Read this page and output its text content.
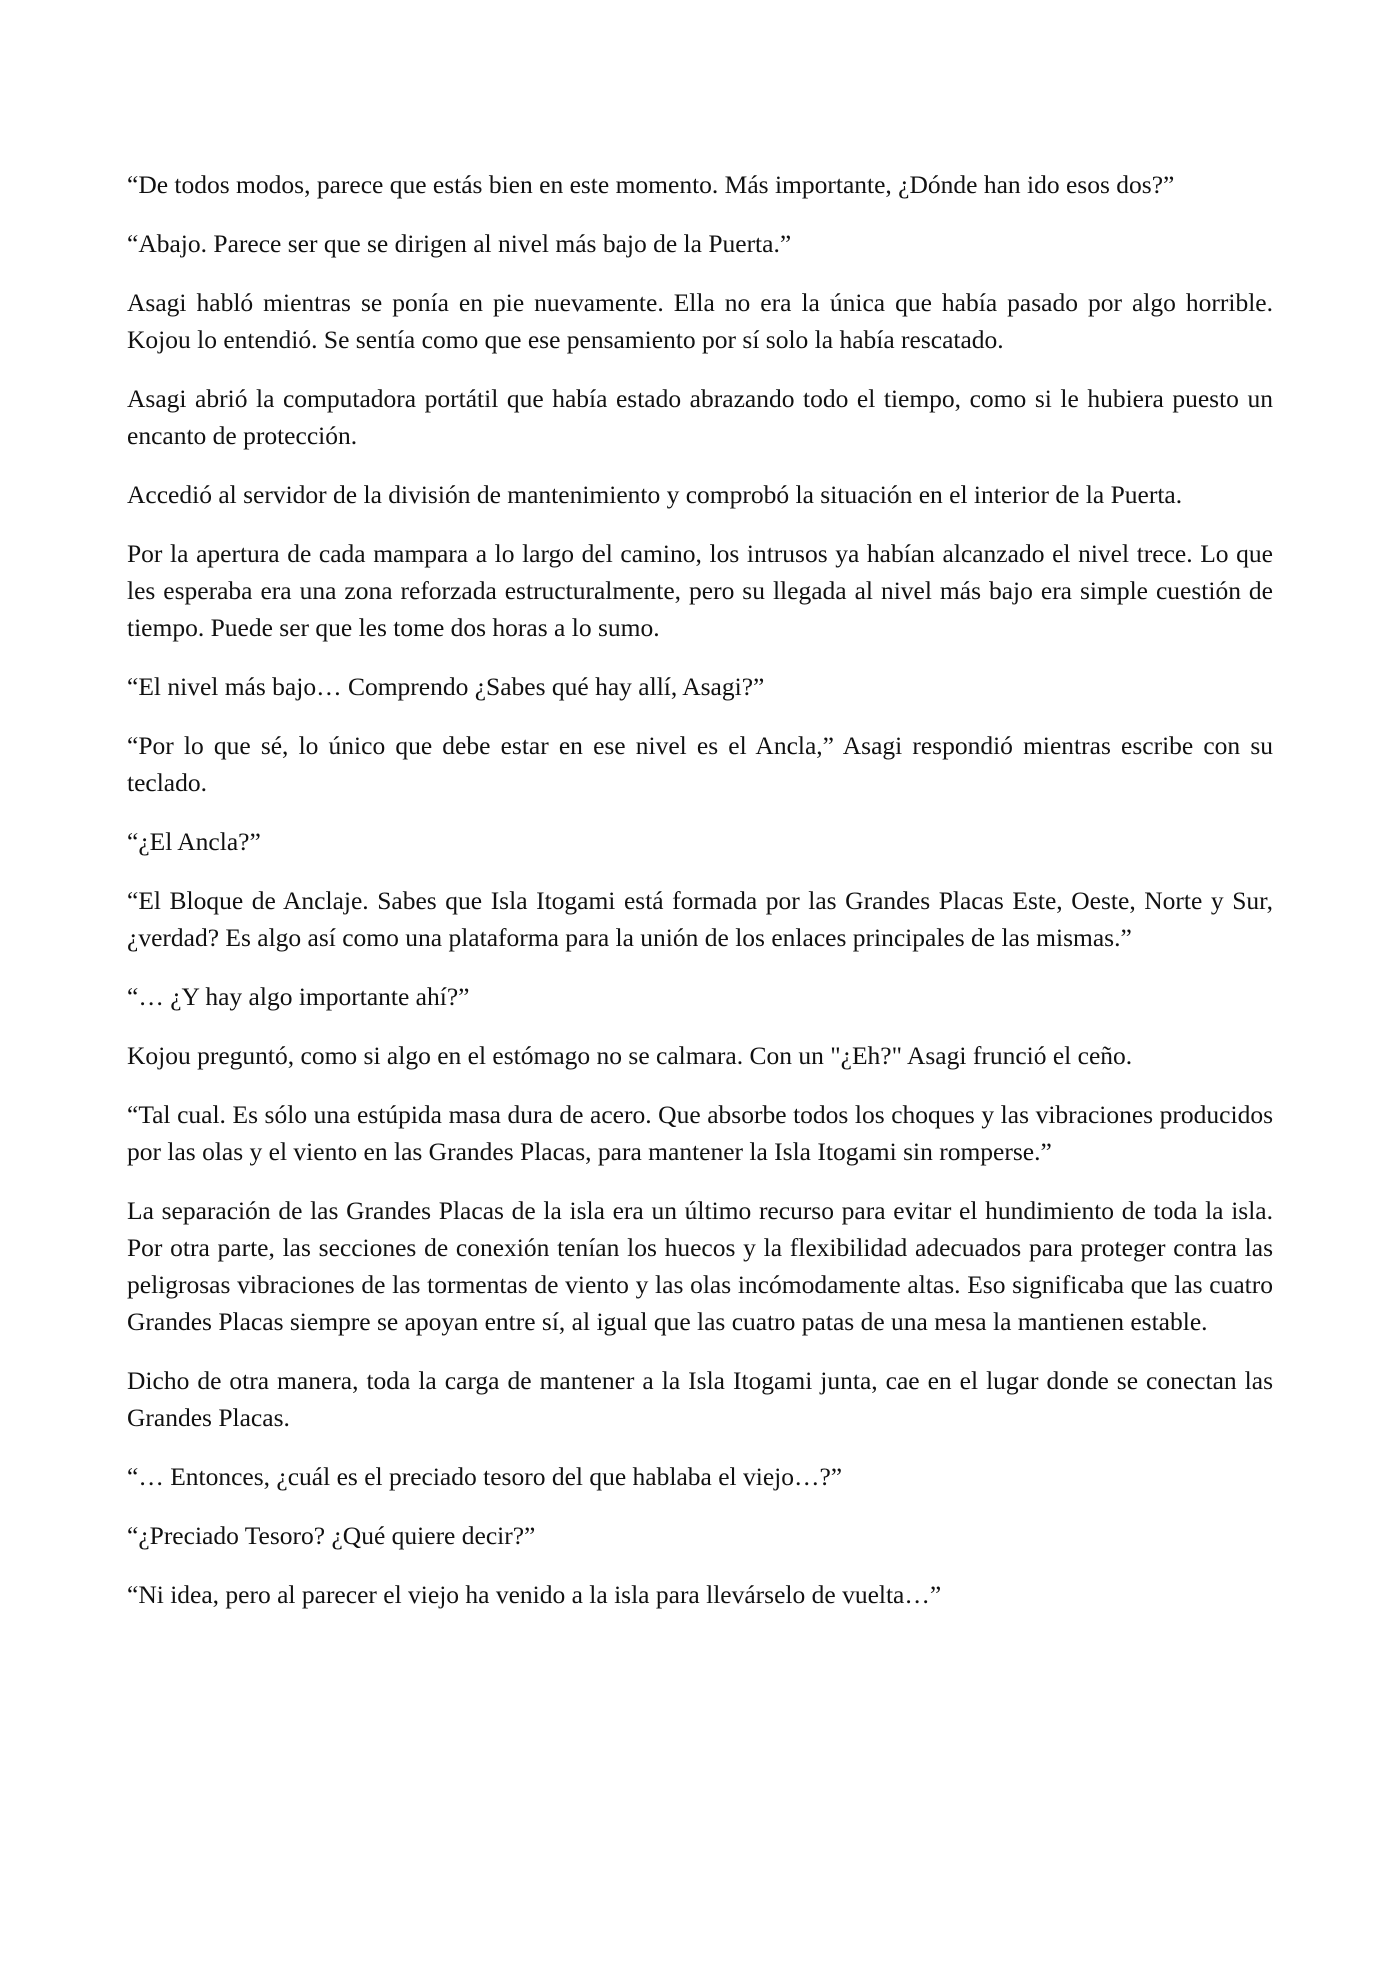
“De todos modos, parece que estás bien en este momento. Más importante, ¿Dónde han ido esos dos?”

“Abajo. Parece ser que se dirigen al nivel más bajo de la Puerta.”

Asagi habló mientras se ponía en pie nuevamente. Ella no era la única que había pasado por algo horrible. Kojou lo entendió. Se sentía como que ese pensamiento por sí solo la había rescatado.

Asagi abrió la computadora portátil que había estado abrazando todo el tiempo, como si le hubiera puesto un encanto de protección.

Accedió al servidor de la división de mantenimiento y comprobó la situación en el interior de la Puerta.

Por la apertura de cada mampara a lo largo del camino, los intrusos ya habían alcanzado el nivel trece. Lo que les esperaba era una zona reforzada estructuralmente, pero su llegada al nivel más bajo era simple cuestión de tiempo. Puede ser que les tome dos horas a lo sumo.

“El nivel más bajo… Comprendo ¿Sabes qué hay allí, Asagi?”

“Por lo que sé, lo único que debe estar en ese nivel es el Ancla,” Asagi respondió mientras escribe con su teclado.

“¿El Ancla?”

“El Bloque de Anclaje. Sabes que Isla Itogami está formada por las Grandes Placas Este, Oeste, Norte y Sur, ¿verdad? Es algo así como una plataforma para la unión de los enlaces principales de las mismas.”

“… ¿Y hay algo importante ahí?”

Kojou preguntó, como si algo en el estómago no se calmara. Con un "¿Eh?" Asagi frunció el ceño.

“Tal cual. Es sólo una estúpida masa dura de acero. Que absorbe todos los choques y las vibraciones producidos por las olas y el viento en las Grandes Placas, para mantener la Isla Itogami sin romperse.”

La separación de las Grandes Placas de la isla era un último recurso para evitar el hundimiento de toda la isla. Por otra parte, las secciones de conexión tenían los huecos y la flexibilidad adecuados para proteger contra las peligrosas vibraciones de las tormentas de viento y las olas incómodamente altas. Eso significaba que las cuatro Grandes Placas siempre se apoyan entre sí, al igual que las cuatro patas de una mesa la mantienen estable.

Dicho de otra manera, toda la carga de mantener a la Isla Itogami junta, cae en el lugar donde se conectan las Grandes Placas.

“… Entonces, ¿cuál es el preciado tesoro del que hablaba el viejo…?”

“¿Preciado Tesoro? ¿Qué quiere decir?”

“Ni idea, pero al parecer el viejo ha venido a la isla para llevárselo de vuelta…”
